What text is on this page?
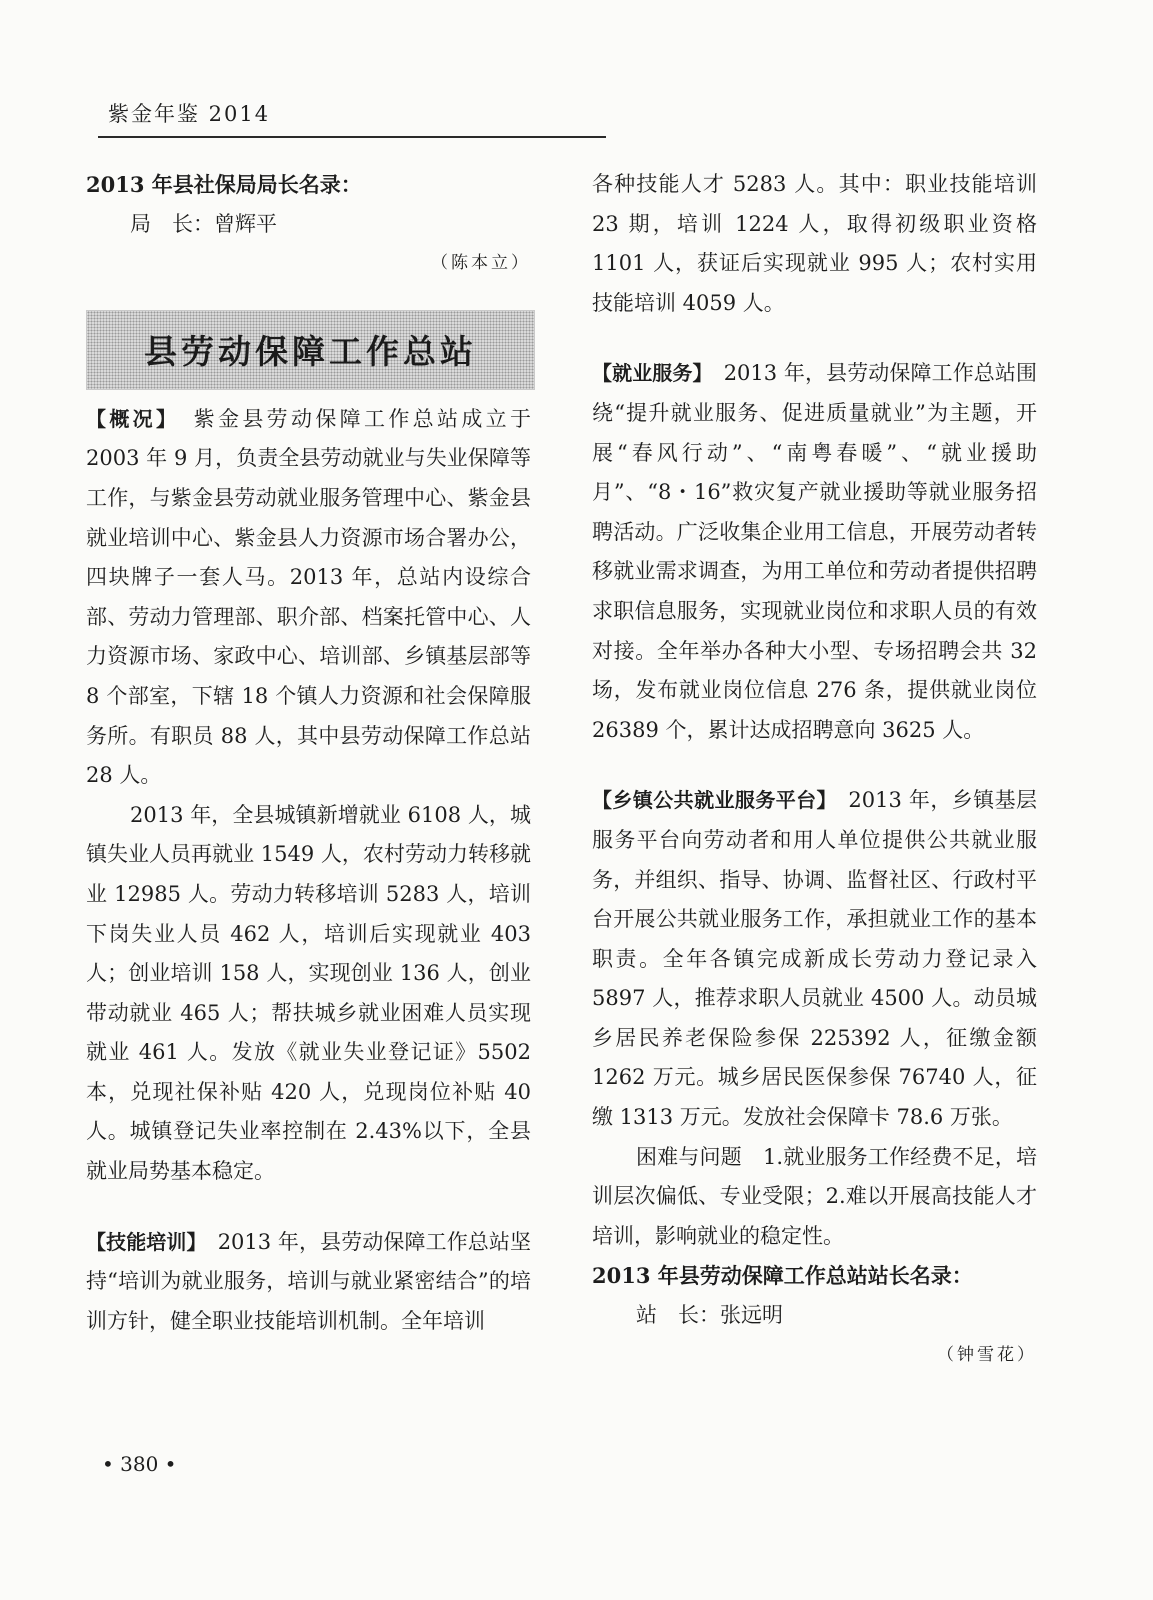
紫金年鉴 2014

2013 年县社保局局长名录：

局　长：曾辉平

（陈本立）

县劳动保障工作总站

【概况】　紫金县劳动保障工作总站成立于 2003 年 9 月，负责全县劳动就业与失业保障等工作，与紫金县劳动就业服务管理中心、紫金县就业培训中心、紫金县人力资源市场合署办公，四块牌子一套人马。2013 年，总站内设综合部、劳动力管理部、职介部、档案托管中心、人力资源市场、家政中心、培训部、乡镇基层部等 8 个部室，下辖 18 个镇人力资源和社会保障服务所。有职员 88 人，其中县劳动保障工作总站 28 人。

2013 年，全县城镇新增就业 6108 人，城镇失业人员再就业 1549 人，农村劳动力转移就业 12985 人。劳动力转移培训 5283 人，培训下岗失业人员 462 人，培训后实现就业 403 人；创业培训 158 人，实现创业 136 人，创业带动就业 465 人；帮扶城乡就业困难人员实现就业 461 人。发放《就业失业登记证》5502 本，兑现社保补贴 420 人，兑现岗位补贴 40 人。城镇登记失业率控制在 2.43%以下，全县就业局势基本稳定。

【技能培训】　2013 年，县劳动保障工作总站坚持“培训为就业服务，培训与就业紧密结合”的培训方针，健全职业技能培训机制。全年培训

各种技能人才 5283 人。其中：职业技能培训 23 期，培训 1224 人，取得初级职业资格 1101 人，获证后实现就业 995 人；农村实用技能培训 4059 人。

【就业服务】　2013 年，县劳动保障工作总站围绕“提升就业服务、促进质量就业”为主题，开展“春风行动”、“南粤春暖”、“就业援助月”、“8・16”救灾复产就业援助等就业服务招聘活动。广泛收集企业用工信息，开展劳动者转移就业需求调查，为用工单位和劳动者提供招聘求职信息服务，实现就业岗位和求职人员的有效对接。全年举办各种大小型、专场招聘会共 32 场，发布就业岗位信息 276 条，提供就业岗位 26389 个，累计达成招聘意向 3625 人。

【乡镇公共就业服务平台】　2013 年，乡镇基层服务平台向劳动者和用人单位提供公共就业服务，并组织、指导、协调、监督社区、行政村平台开展公共就业服务工作，承担就业工作的基本职责。全年各镇完成新成长劳动力登记录入 5897 人，推荐求职人员就业 4500 人。动员城乡居民养老保险参保 225392 人，征缴金额 1262 万元。城乡居民医保参保 76740 人，征缴 1313 万元。发放社会保障卡 78.6 万张。

困难与问题　1.就业服务工作经费不足，培训层次偏低、专业受限；2.难以开展高技能人才培训，影响就业的稳定性。

2013 年县劳动保障工作总站站长名录：

站　长：张远明

（钟雪花）

• 380 •
